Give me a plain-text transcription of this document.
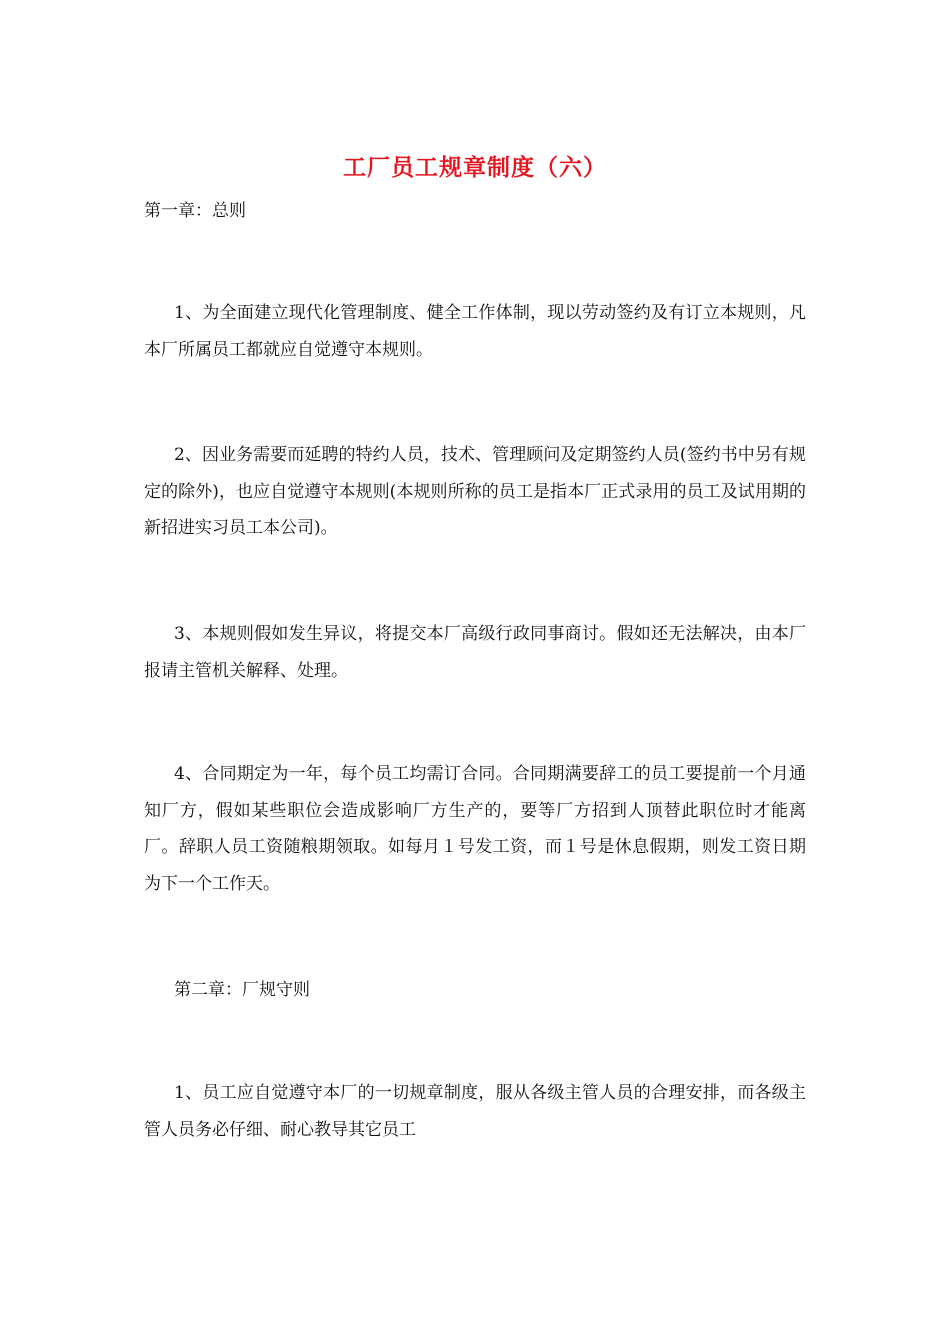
工厂员工规章制度（六）
第一章：总则
1、为全面建立现代化管理制度、健全工作体制，现以劳动签约及有订立本规则，凡本厂所属员工都就应自觉遵守本规则。
2、因业务需要而延聘的特约人员，技术、管理顾问及定期签约人员(签约书中另有规定的除外)，也应自觉遵守本规则(本规则所称的员工是指本厂正式录用的员工及试用期的新招进实习员工本公司)。
3、本规则假如发生异议，将提交本厂高级行政同事商讨。假如还无法解决，由本厂报请主管机关解释、处理。
4、合同期定为一年，每个员工均需订合同。合同期满要辞工的员工要提前一个月通知厂方，假如某些职位会造成影响厂方生产的，要等厂方招到人顶替此职位时才能离厂。辞职人员工资随粮期领取。如每月１号发工资，而１号是休息假期，则发工资日期为下一个工作天。
第二章：厂规守则
1、员工应自觉遵守本厂的一切规章制度，服从各级主管人员的合理安排，而各级主管人员务必仔细、耐心教导其它员工
